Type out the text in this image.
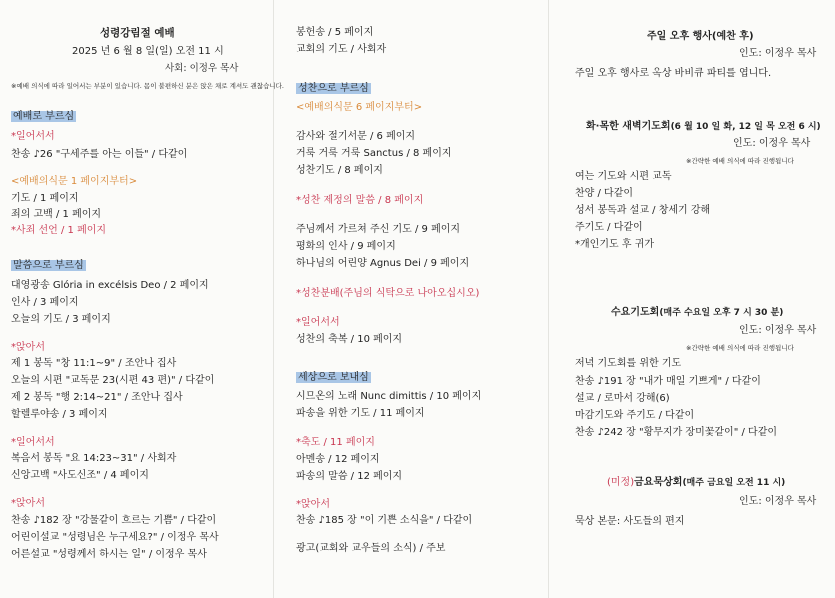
성령강림절 예배
2025 년 6 월 8 일(일) 오전 11 시
사회: 이정우 목사
※예배 의식에 따라 일어서는 부분이 있습니다. 몸이 불편하신 분은 앉은 채로 계셔도 괜찮습니다.
예배로 부르심
*일어서서
찬송 ♪26 "구세주를 아는 이들" / 다같이
<예배의식문 1 페이지부터>
기도 / 1 페이지
죄의 고백 / 1 페이지
*사죄 선언 / 1 페이지
말씀으로 부르심
대영광송 Glória in excélsis Deo / 2 페이지
인사 / 3 페이지
오늘의 기도 / 3 페이지
*앉아서
제 1 봉독 "창 11:1~9" / 조안나 집사
오늘의 시편 "교독문 23(시편 43 편)" / 다같이
제 2 봉독 "행 2:14~21" / 조안나 집사
할렐루야송 / 3 페이지
*일어서서
복음서 봉독 "요 14:23~31" / 사회자
신앙고백 "사도신조" / 4 페이지
*앉아서
찬송 ♪182 장 "강물같이 흐르는 기쁨" / 다같이
어린이설교 "성령님은 누구세요?" / 이정우 목사
어른설교 "성령께서 하시는 일" / 이정우 목사
봉헌송 / 5 페이지
교회의 기도 / 사회자
성찬으로 부르심
<예배의식문 6 페이지부터>
감사와 절기서문 / 6 페이지
거룩 거룩 거룩 Sanctus / 8 페이지
성찬기도 / 8 페이지
*성찬 제정의 말씀 / 8 페이지
주님께서 가르쳐 주신 기도 / 9 페이지
평화의 인사 / 9 페이지
하나님의 어린양 Agnus Dei / 9 페이지
*성찬분배(주님의 식탁으로 나아오십시오)
*일어서서
성찬의 축복 / 10 페이지
세상으로 보내심
시므온의 노래 Nunc dimittis / 10 페이지
파송을 위한 기도 / 11 페이지
*축도 / 11 페이지
아멘송 / 12 페이지
파송의 말씀 / 12 페이지
*앉아서
찬송 ♪185 장 "이 기쁜 소식을" / 다같이
광고(교회와 교우들의 소식) / 주보
주일 오후 행사(예찬 후)
인도: 이정우 목사
주일 오후 행사로 옥상 바비큐 파티를 엽니다.
화·목한 새벽기도회(6 월 10 일 화, 12 일 목 오전 6 시)
인도: 이정우 목사
※간략한 예배 의식에 따라 진행됩니다
여는 기도와 시편 교독
찬양 / 다같이
성서 봉독과 설교 / 창세기 강해
주기도 / 다같이
*개인기도 후 귀가
수요기도회(매주 수요일 오후 7 시 30 분)
인도: 이정우 목사
※간략한 예배 의식에 따라 진행됩니다
저녁 기도회를 위한 기도
찬송 ♪191 장 "내가 매일 기쁘게" / 다같이
설교 / 로마서 강해(6)
마감기도와 주기도 / 다같이
찬송 ♪242 장 "황무지가 장미꽃같이" / 다같이
(미정)금요묵상회(매주 금요일 오전 11 시)
인도: 이정우 목사
묵상 본문: 사도들의 편지
